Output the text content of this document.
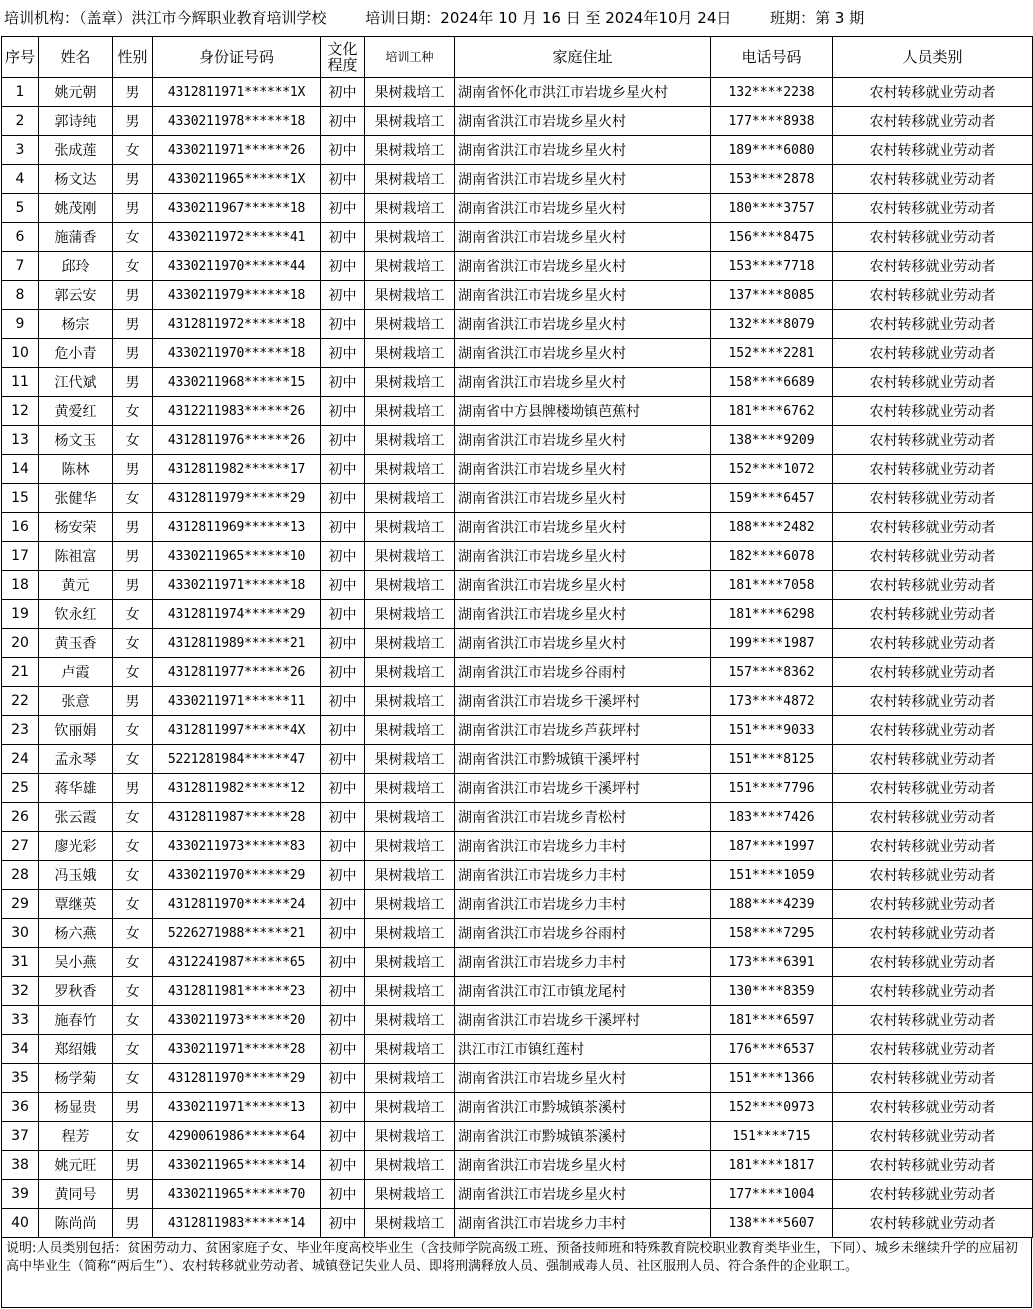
培训机构：（盖章）洪江市今辉职业教育培训学校	培训日期：2024年 10 月 16 日 至 2024年10月 24日	班期：第 3 期
序号	姓名	性别	身份证号码	文化程度	培训工种	家庭住址	电话号码	人员类别
1	姚元朝	男	4312811971******1X	初中	果树栽培工	湖南省怀化市洪江市岩垅乡星火村	132****2238	农村转移就业劳动者
2	郭诗纯	男	4330211978******18	初中	果树栽培工	湖南省洪江市岩垅乡星火村	177****8938	农村转移就业劳动者
3	张成莲	女	4330211971******26	初中	果树栽培工	湖南省洪江市岩垅乡星火村	189****6080	农村转移就业劳动者
4	杨文达	男	4330211965******1X	初中	果树栽培工	湖南省洪江市岩垅乡星火村	153****2878	农村转移就业劳动者
5	姚茂刚	男	4330211967******18	初中	果树栽培工	湖南省洪江市岩垅乡星火村	180****3757	农村转移就业劳动者
6	施蒲香	女	4330211972******41	初中	果树栽培工	湖南省洪江市岩垅乡星火村	156****8475	农村转移就业劳动者
7	邱玲	女	4330211970******44	初中	果树栽培工	湖南省洪江市岩垅乡星火村	153****7718	农村转移就业劳动者
8	郭云安	男	4330211979******18	初中	果树栽培工	湖南省洪江市岩垅乡星火村	137****8085	农村转移就业劳动者
9	杨宗	男	4312811972******18	初中	果树栽培工	湖南省洪江市岩垅乡星火村	132****8079	农村转移就业劳动者
10	危小青	男	4330211970******18	初中	果树栽培工	湖南省洪江市岩垅乡星火村	152****2281	农村转移就业劳动者
11	江代斌	男	4330211968******15	初中	果树栽培工	湖南省洪江市岩垅乡星火村	158****6689	农村转移就业劳动者
12	黄爱红	女	4312211983******26	初中	果树栽培工	湖南省中方县牌楼坳镇芭蕉村	181****6762	农村转移就业劳动者
13	杨文玉	女	4312811976******26	初中	果树栽培工	湖南省洪江市岩垅乡星火村	138****9209	农村转移就业劳动者
14	陈林	男	4312811982******17	初中	果树栽培工	湖南省洪江市岩垅乡星火村	152****1072	农村转移就业劳动者
15	张健华	女	4312811979******29	初中	果树栽培工	湖南省洪江市岩垅乡星火村	159****6457	农村转移就业劳动者
16	杨安荣	男	4312811969******13	初中	果树栽培工	湖南省洪江市岩垅乡星火村	188****2482	农村转移就业劳动者
17	陈祖富	男	4330211965******10	初中	果树栽培工	湖南省洪江市岩垅乡星火村	182****6078	农村转移就业劳动者
18	黄元	男	4330211971******18	初中	果树栽培工	湖南省洪江市岩垅乡星火村	181****7058	农村转移就业劳动者
19	钦永红	女	4312811974******29	初中	果树栽培工	湖南省洪江市岩垅乡星火村	181****6298	农村转移就业劳动者
20	黄玉香	女	4312811989******21	初中	果树栽培工	湖南省洪江市岩垅乡星火村	199****1987	农村转移就业劳动者
21	卢霞	女	4312811977******26	初中	果树栽培工	湖南省洪江市岩垅乡谷雨村	157****8362	农村转移就业劳动者
22	张意	男	4330211971******11	初中	果树栽培工	湖南省洪江市岩垅乡干溪坪村	173****4872	农村转移就业劳动者
23	钦丽娟	女	4312811997******4X	初中	果树栽培工	湖南省洪江市岩垅乡芦荻坪村	151****9033	农村转移就业劳动者
24	孟永琴	女	5221281984******47	初中	果树栽培工	湖南省洪江市黔城镇干溪坪村	151****8125	农村转移就业劳动者
25	蒋华雄	男	4312811982******12	初中	果树栽培工	湖南省洪江市岩垅乡干溪坪村	151****7796	农村转移就业劳动者
26	张云霞	女	4312811987******28	初中	果树栽培工	湖南省洪江市岩垅乡青松村	183****7426	农村转移就业劳动者
27	廖光彩	女	4330211973******83	初中	果树栽培工	湖南省洪江市岩垅乡力丰村	187****1997	农村转移就业劳动者
28	冯玉娥	女	4330211970******29	初中	果树栽培工	湖南省洪江市岩垅乡力丰村	151****1059	农村转移就业劳动者
29	覃继英	女	4312811970******24	初中	果树栽培工	湖南省洪江市岩垅乡力丰村	188****4239	农村转移就业劳动者
30	杨六燕	女	5226271988******21	初中	果树栽培工	湖南省洪江市岩垅乡谷雨村	158****7295	农村转移就业劳动者
31	吴小燕	女	4312241987******65	初中	果树栽培工	湖南省洪江市岩垅乡力丰村	173****6391	农村转移就业劳动者
32	罗秋香	女	4312811981******23	初中	果树栽培工	湖南省洪江市江市镇龙尾村	130****8359	农村转移就业劳动者
33	施春竹	女	4330211973******20	初中	果树栽培工	湖南省洪江市岩垅乡干溪坪村	181****6597	农村转移就业劳动者
34	郑绍娥	女	4330211971******28	初中	果树栽培工	洪江市江市镇红莲村	176****6537	农村转移就业劳动者
35	杨学菊	女	4312811970******29	初中	果树栽培工	湖南省洪江市岩垅乡星火村	151****1366	农村转移就业劳动者
36	杨显贵	男	4330211971******13	初中	果树栽培工	湖南省洪江市黔城镇茶溪村	152****0973	农村转移就业劳动者
37	程芳	女	4290061986******64	初中	果树栽培工	湖南省洪江市黔城镇茶溪村	151****715	农村转移就业劳动者
38	姚元旺	男	4330211965******14	初中	果树栽培工	湖南省洪江市岩垅乡星火村	181****1817	农村转移就业劳动者
39	黄同号	男	4330211965******70	初中	果树栽培工	湖南省洪江市岩垅乡星火村	177****1004	农村转移就业劳动者
40	陈尚尚	男	4312811983******14	初中	果树栽培工	湖南省洪江市岩垅乡力丰村	138****5607	农村转移就业劳动者
说明:人员类别包括：贫困劳动力、贫困家庭子女、毕业年度高校毕业生（含技师学院高级工班、预备技师班和特殊教育院校职业教育类毕业生，下同）、城乡未继续升学的应届初高中毕业生（简称“两后生”）、农村转移就业劳动者、城镇登记失业人员、即将刑满释放人员、强制戒毒人员、社区服刑人员、符合条件的企业职工。
